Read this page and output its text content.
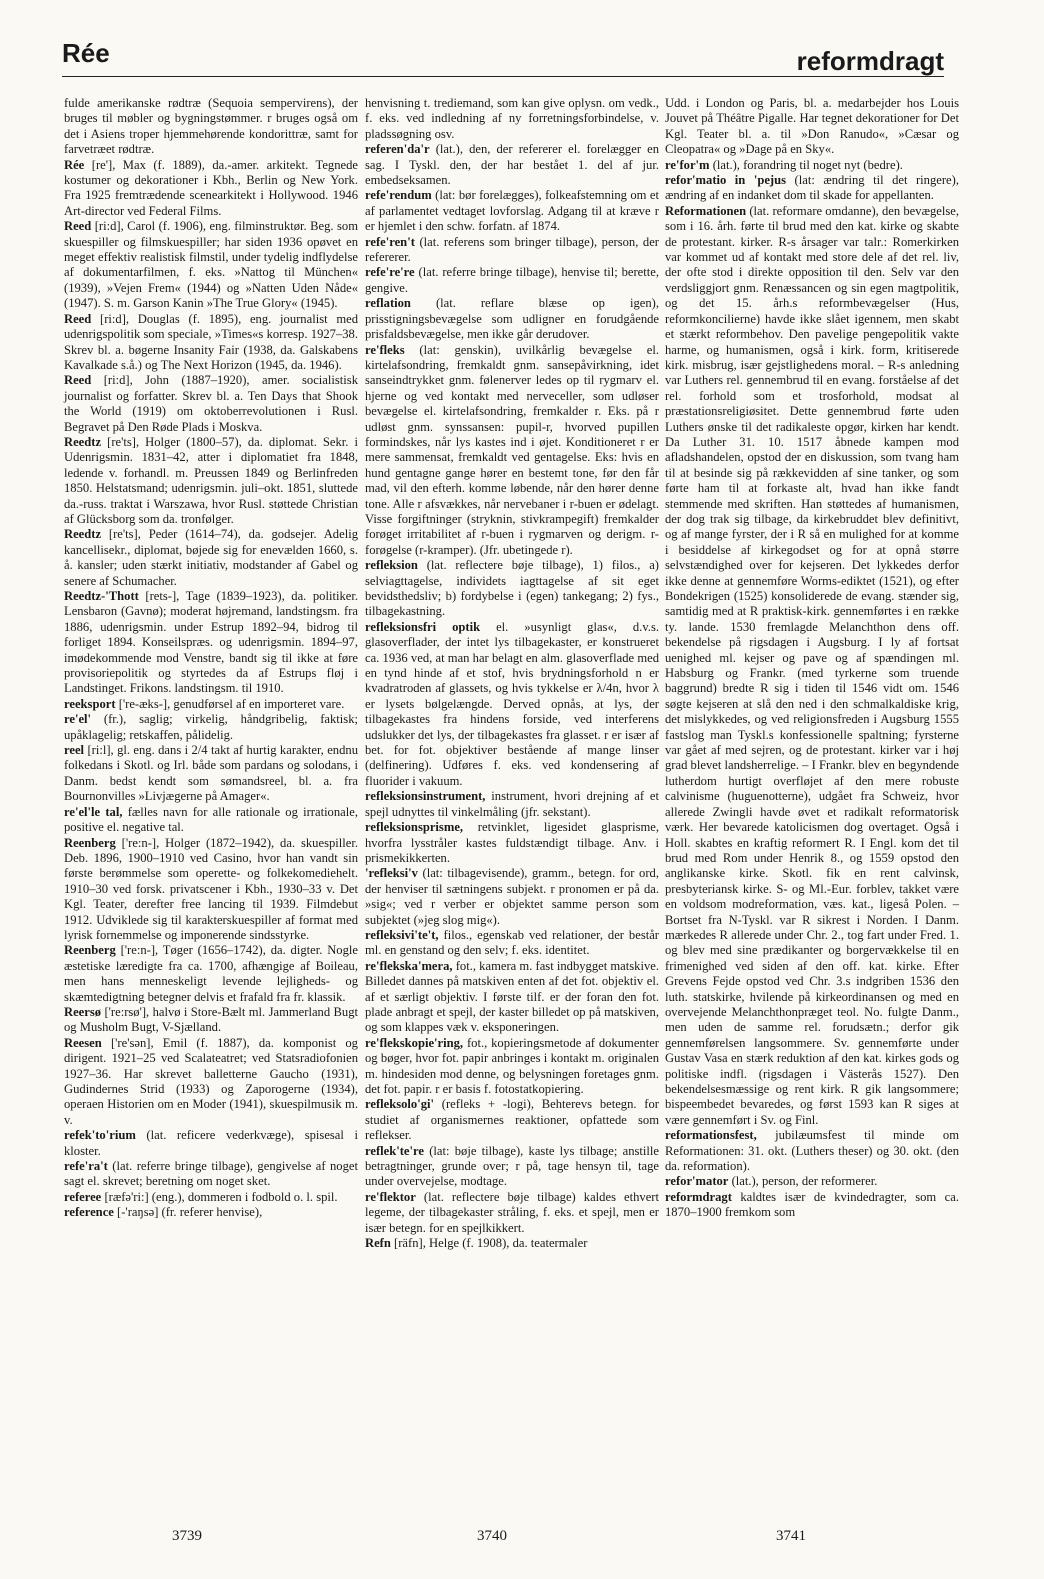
Rée	reformdragt

fulde amerikanske rødtræ (Sequoia sempervirens), der bruges til møbler og bygningstømmer. r bruges også om det i Asiens troper hjemmehørende kondorittræ, samt for farvetræet rødtræ.

Rée [re'], Max (f. 1889), da.-amer. arkitekt. Tegnede kostumer og dekorationer i Kbh., Berlin og New York. Fra 1925 fremtrædende scenearkitekt i Hollywood. 1946 Art-director ved Federal Films.

Reed [ri:d], Carol (f. 1906), eng. filminstruktør. Beg. som skuespiller og filmskuespiller; har siden 1936 opøvet en meget effektiv realistisk filmstil, under tydelig indflydelse af dokumentarfilmen, f. eks. »Nattog til München« (1939), »Vejen Frem« (1944) og »Natten Uden Nåde« (1947). S. m. Garson Kanin »The True Glory« (1945).

Reed [ri:d], Douglas (f. 1895), eng. journalist med udenrigspolitik som speciale, »Times«s korresp. 1927–38. Skrev bl. a. bøgerne Insanity Fair (1938, da. Galskabens Kavalkade s.å.) og The Next Horizon (1945, da. 1946).

Reed [ri:d], John (1887–1920), amer. socialistisk journalist og forfatter. Skrev bl. a. Ten Days that Shook the World (1919) om oktoberrevolutionen i Rusl. Begravet på Den Røde Plads i Moskva.

Reedtz [re'ts], Holger (1800–57), da. diplomat. Sekr. i Udenrigsmin. 1831–42, atter i diplomatiet fra 1848, ledende v. forhandl. m. Preussen 1849 og Berlinfreden 1850. Helstatsmand; udenrigsmin. juli–okt. 1851, sluttede da.-russ. traktat i Warszawa, hvor Rusl. støttede Christian af Glücksborg som da. tronfølger.

Reedtz [re'ts], Peder (1614–74), da. godsejer. Adelig kancellisekr., diplomat, bøjede sig for enevælden 1660, s. å. kansler; uden stærkt initiativ, modstander af Gabel og senere af Schumacher.

Reedtz-'Thott [rets-], Tage (1839–1923), da. politiker. Lensbaron (Gavnø); moderat højremand, landstingsm. fra 1886, udenrigsmin. under Estrup 1892–94, bidrog til forliget 1894. Konseilspræs. og udenrigsmin. 1894–97, imødekommende mod Venstre, bandt sig til ikke at føre provisoriepolitik og styrtedes da af Estrups fløj i Landstinget. Frikons. landstingsm. til 1910.

reeksport ['re-æks-], genudførsel af en importeret vare.

re'el' (fr.), saglig; virkelig, håndgribelig, faktisk; upåklagelig; retskaffen, pålidelig.

reel [ri:l], gl. eng. dans i 2/4 takt af hurtig karakter, endnu folkedans i Skotl. og Irl. både som pardans og solodans, i Danm. bedst kendt som sømandsreel, bl. a. fra Bournonvilles »Livjægerne på Amager«.

re'el'le tal, fælles navn for alle rationale og irrationale, positive el. negative tal.

Reenberg ['re:n-], Holger (1872–1942), da. skuespiller. Deb. 1896, 1900–1910 ved Casino, hvor han vandt sin første berømmelse som operette- og folkekomediehelt. 1910–30 ved forsk. privatscener i Kbh., 1930–33 v. Det Kgl. Teater, derefter free lancing til 1939. Filmdebut 1912. Udviklede sig til karakterskuespiller af format med lyrisk fornemmelse og imponerende sindsstyrke.

Reenberg ['re:n-], Tøger (1656–1742), da. digter. Nogle æstetiske læredigte fra ca. 1700, afhængige af Boileau, men hans menneskeligt levende lejligheds- og skæmtedigtning betegner delvis et frafald fra fr. klassik.

Reersø ['re:rsø'], halvø i Store-Bælt ml. Jammerland Bugt og Musholm Bugt, V-Sjælland.

Reesen ['re'sən], Emil (f. 1887), da. komponist og dirigent. 1921–25 ved Scalateatret; ved Statsradiofonien 1927–36. Har skrevet balletterne Gaucho (1931), Gudindernes Strid (1933) og Zaporogerne (1934), operaen Historien om en Moder (1941), skuespilmusik m. v.

refek'to'rium (lat. reficere vederkvæge), spisesal i kloster.

refe'ra't (lat. referre bringe tilbage), gengivelse af noget sagt el. skrevet; beretning om noget sket.

referee [ræfə'ri:] (eng.), dommeren i fodbold o. l. spil.

reference [-'raŋsə] (fr. referer henvise),

henvisning t. trediemand, som kan give oplysn. om vedk., f. eks. ved indledning af ny forretningsforbindelse, v. pladssøgning osv.

referen'da'r (lat.), den, der refererer el. forelægger en sag. I Tyskl. den, der har bestået 1. del af jur. embedseksamen.

refe'rendum (lat: bør forelægges), folkeafstemning om et af parlamentet vedtaget lovforslag. Adgang til at kræve r er hjemlet i den schw. forfatn. af 1874.

refe'ren't (lat. referens som bringer tilbage), person, der refererer.

refe're're (lat. referre bringe tilbage), henvise til; berette, gengive.

reflation (lat. reflare blæse op igen), prisstigningsbevægelse som udligner en forudgående prisfaldsbevægelse, men ikke går derudover.

re'fleks (lat: genskin), uvilkårlig bevægelse el. kirtelafsondring, fremkaldt gnm. sansepåvirkning, idet sanseindtrykket gnm. følenerver ledes op til rygmarv el. hjerne og ved kontakt med nerveceller, som udløser bevægelse el. kirtelafsondring, fremkalder r. Eks. på r udløst gnm. synssansen: pupil-r, hvorved pupillen formindskes, når lys kastes ind i øjet. Konditioneret r er mere sammensat, fremkaldt ved gentagelse. Eks: hvis en hund gentagne gange hører en bestemt tone, før den får mad, vil den efterh. komme løbende, når den hører denne tone. Alle r afsvækkes, når nervebaner i r-buen er ødelagt. Visse forgiftninger (stryknin, stivkrampegift) fremkalder forøget irritabilitet af r-buen i rygmarven og derigm. r-forøgelse (r-kramper). (Jfr. ubetingede r).

refleksion (lat. reflectere bøje tilbage), 1) filos., a) selviagttagelse, individets iagttagelse af sit eget bevidsthedsliv; b) fordybelse i (egen) tankegang; 2) fys., tilbagekastning.

refleksionsfri optik el. »usynligt glas«, d.v.s. glasoverflader, der intet lys tilbagekaster, er konstrueret ca. 1936 ved, at man har belagt en alm. glasoverflade med en tynd hinde af et stof, hvis brydningsforhold n er kvadratroden af glassets, og hvis tykkelse er λ/4n, hvor λ er lysets bølgelængde. Derved opnås, at lys, der tilbagekastes fra hindens forside, ved interferens udslukker det lys, der tilbagekastes fra glasset. r er især af bet. for fot. objektiver bestående af mange linser (delfinering). Udføres f. eks. ved kondensering af fluorider i vakuum.

refleksionsinstrument, instrument, hvori drejning af et spejl udnyttes til vinkelmåling (jfr. sekstant).

refleksionsprisme, retvinklet, ligesidet glasprisme, hvorfra lysstråler kastes fuldstændigt tilbage. Anv. i prismekikkerten.

'refleksi'v (lat: tilbagevisende), gramm., betegn. for ord, der henviser til sætningens subjekt. r pronomen er på da. »sig«; ved r verber er objektet samme person som subjektet (»jeg slog mig«).

refleksivi'te't, filos., egenskab ved relationer, der består ml. en genstand og den selv; f. eks. identitet.

re'flekska'mera, fot., kamera m. fast indbygget matskive. Billedet dannes på matskiven enten af det fot. objektiv el. af et særligt objektiv. I første tilf. er der foran den fot. plade anbragt et spejl, der kaster billedet op på matskiven, og som klappes væk v. eksponeringen.

re'flekskopie'ring, fot., kopieringsmetode af dokumenter og bøger, hvor fot. papir anbringes i kontakt m. originalen m. hindesiden mod denne, og belysningen foretages gnm. det fot. papir. r er basis f. fotostatkopiering.

refleksolo'gi' (refleks + -logi), Behterevs betegn. for studiet af organismernes reaktioner, opfattede som reflekser.

reflek'te're (lat: bøje tilbage), kaste lys tilbage; anstille betragtninger, grunde over; r på, tage hensyn til, tage under overvejelse, modtage.

re'flektor (lat. reflectere bøje tilbage) kaldes ethvert legeme, der tilbagekaster stråling, f. eks. et spejl, men er især betegn. for en spejlkikkert.

Refn [räfn], Helge (f. 1908), da. teatermaler

Udd. i London og Paris, bl. a. medarbejder hos Louis Jouvet på Théâtre Pigalle. Har tegnet dekorationer for Det Kgl. Teater bl. a. til »Don Ranudo«, »Cæsar og Cleopatra« og »Dage på en Sky«.

re'for'm (lat.), forandring til noget nyt (bedre).

refor'matio in 'pejus (lat: ændring til det ringere), ændring af en indanket dom til skade for appellanten.

Reformationen (lat. reformare omdanne), den bevægelse, som i 16. årh. førte til brud med den kat. kirke og skabte de protestant. kirker. R-s årsager var talr.: Romerkirken var kommet ud af kontakt med store dele af det rel. liv, der ofte stod i direkte opposition til den. Selv var den verdsliggjort gnm. Renæssancen og sin egen magtpolitik, og det 15. årh.s reformbevægelser (Hus, reformkoncilierne) havde ikke slået igennem, men skabt et stærkt reformbehov. Den pavelige pengepolitik vakte harme, og humanismen, også i kirk. form, kritiserede kirk. misbrug, især gejstlighedens moral. – R-s anledning var Luthers rel. gennembrud til en evang. forståelse af det rel. forhold som et trosforhold, modsat al præstationsreligiøsitet. Dette gennembrud førte uden Luthers ønske til det radikaleste opgør, kirken har kendt. Da Luther 31. 10. 1517 åbnede kampen mod afladshandelen, opstod der en diskussion, som tvang ham til at besinde sig på rækkevidden af sine tanker, og som førte ham til at forkaste alt, hvad han ikke fandt stemmende med skriften. Han støttedes af humanismen, der dog trak sig tilbage, da kirkebruddet blev definitivt, og af mange fyrster, der i R så en mulighed for at komme i besiddelse af kirkegodset og for at opnå større selvstændighed over for kejseren. Det lykkedes derfor ikke denne at gennemføre Worms-ediktet (1521), og efter Bondekrigen (1525) konsoliderede de evang. stænder sig, samtidig med at R praktisk-kirk. gennemførtes i en række ty. lande. 1530 fremlagde Melanchthon dens off. bekendelse på rigsdagen i Augsburg. I ly af fortsat uenighed ml. kejser og pave og af spændingen ml. Habsburg og Frankr. (med tyrkerne som truende baggrund) bredte R sig i tiden til 1546 vidt om. 1546 søgte kejseren at slå den ned i den schmalkaldiske krig, det mislykkedes, og ved religionsfreden i Augsburg 1555 fastslog man Tyskl.s konfessionelle spaltning; fyrsterne var gået af med sejren, og de protestant. kirker var i høj grad blevet landsherrelige. – I Frankr. blev en begyndende lutherdom hurtigt overfløjet af den mere robuste calvinisme (huguenotterne), udgået fra Schweiz, hvor allerede Zwingli havde øvet et radikalt reformatorisk værk. Her bevarede katolicismen dog overtaget. Også i Holl. skabtes en kraftig reformert R. I Engl. kom det til brud med Rom under Henrik 8., og 1559 opstod den anglikanske kirke. Skotl. fik en rent calvinsk, presbyteriansk kirke. S- og Ml.-Eur. forblev, takket være en voldsom modreformation, væs. kat., ligeså Polen. – Bortset fra N-Tyskl. var R sikrest i Norden. I Danm. mærkedes R allerede under Chr. 2., tog fart under Fred. 1. og blev med sine prædikanter og borgervækkelse til en frimenighed ved siden af den off. kat. kirke. Efter Grevens Fejde opstod ved Chr. 3.s indgriben 1536 den luth. statskirke, hvilende på kirkeordinansen og med en overvejende Melanchthonpræget teol. No. fulgte Danm., men uden de samme rel. forudsætn.; derfor gik gennemførelsen langsommere. Sv. gennemførte under Gustav Vasa en stærk reduktion af den kat. kirkes gods og politiske indfl. (rigsdagen i Västerås 1527). Den bekendelsesmæssige og rent kirk. R gik langsommere; bispeembedet bevaredes, og først 1593 kan R siges at være gennemført i Sv. og Finl.

reformationsfest, jubilæumsfest til minde om Reformationen: 31. okt. (Luthers theser) og 30. okt. (den da. reformation).

refor'mator (lat.), person, der reformerer.

reformdragt kaldtes især de kvindedragter, som ca. 1870–1900 fremkom som

3739	3740	3741
